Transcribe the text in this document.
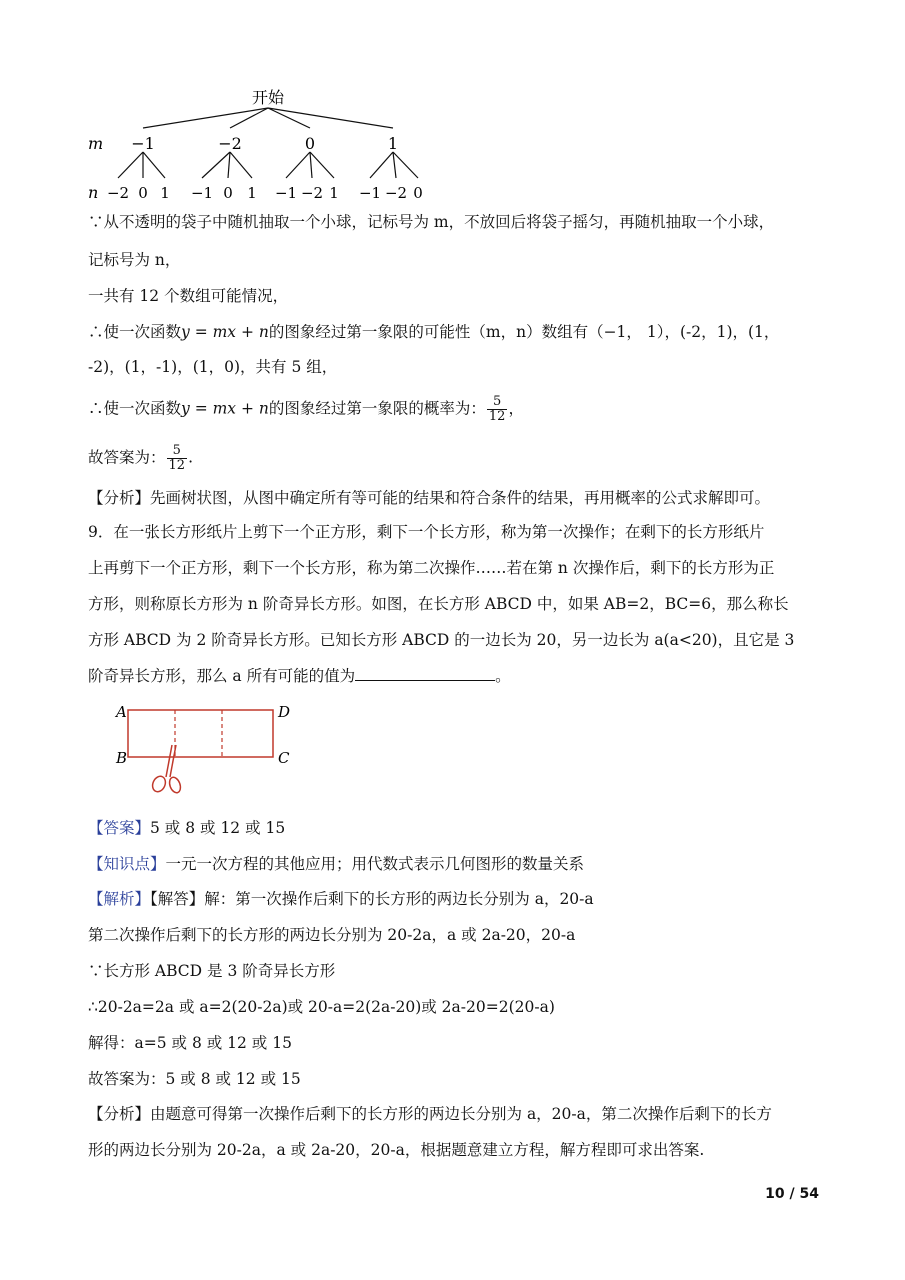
开始
m
n
−1	−2	0	1
−2 0 1 −1 0 1 −1 −2 1 −1 −2 0
∵从不透明的袋子中随机抽取一个小球，记标号为 m，不放回后将袋子摇匀，再随机抽取一个小球，
记标号为 n，
一共有 12 个数组可能情况，
∴使一次函数y = mx + n的图象经过第一象限的可能性（m，n）数组有（−1， 1），(-2，1)，(1，
-2)，(1，-1)，(1，0)，共有 5 组，
∴使一次函数y = mx + n的图象经过第一象限的概率为： $\frac{5}{12}$ ，
故答案为： $\frac{5}{12}$ .
【分析】先画树状图，从图中确定所有等可能的结果和符合条件的结果，再用概率的公式求解即可。
9．在一张长方形纸片上剪下一个正方形，剩下一个长方形，称为第一次操作；在剩下的长方形纸片
上再剪下一个正方形，剩下一个长方形，称为第二次操作……若在第 n 次操作后，剩下的长方形为正
方形，则称原长方形为 n 阶奇异长方形。如图，在长方形 ABCD 中，如果 AB=2，BC=6，那么称长
方形 ABCD 为 2 阶奇异长方形。已知长方形 ABCD 的一边长为 20，另一边长为 a(a<20)，且它是 3
阶奇异长方形，那么 a 所有可能的值为	。
A
B	C
D
【答案】5 或 8 或 12 或 15
【知识点】一元一次方程的其他应用；用代数式表示几何图形的数量关系
【解析】【解答】解：第一次操作后剩下的长方形的两边长分别为 a，20-a
第二次操作后剩下的长方形的两边长分别为 20-2a，a 或 2a-20，20-a
∵长方形 ABCD 是 3 阶奇异长方形
∴20-2a=2a 或 a=2(20-2a)或 20-a=2(2a-20)或 2a-20=2(20-a)
解得：a=5 或 8 或 12 或 15
故答案为：5 或 8 或 12 或 15
【分析】由题意可得第一次操作后剩下的长方形的两边长分别为 a，20-a，第二次操作后剩下的长方
形的两边长分别为 20-2a，a 或 2a-20，20-a，根据题意建立方程，解方程即可求出答案.
10 / 54
